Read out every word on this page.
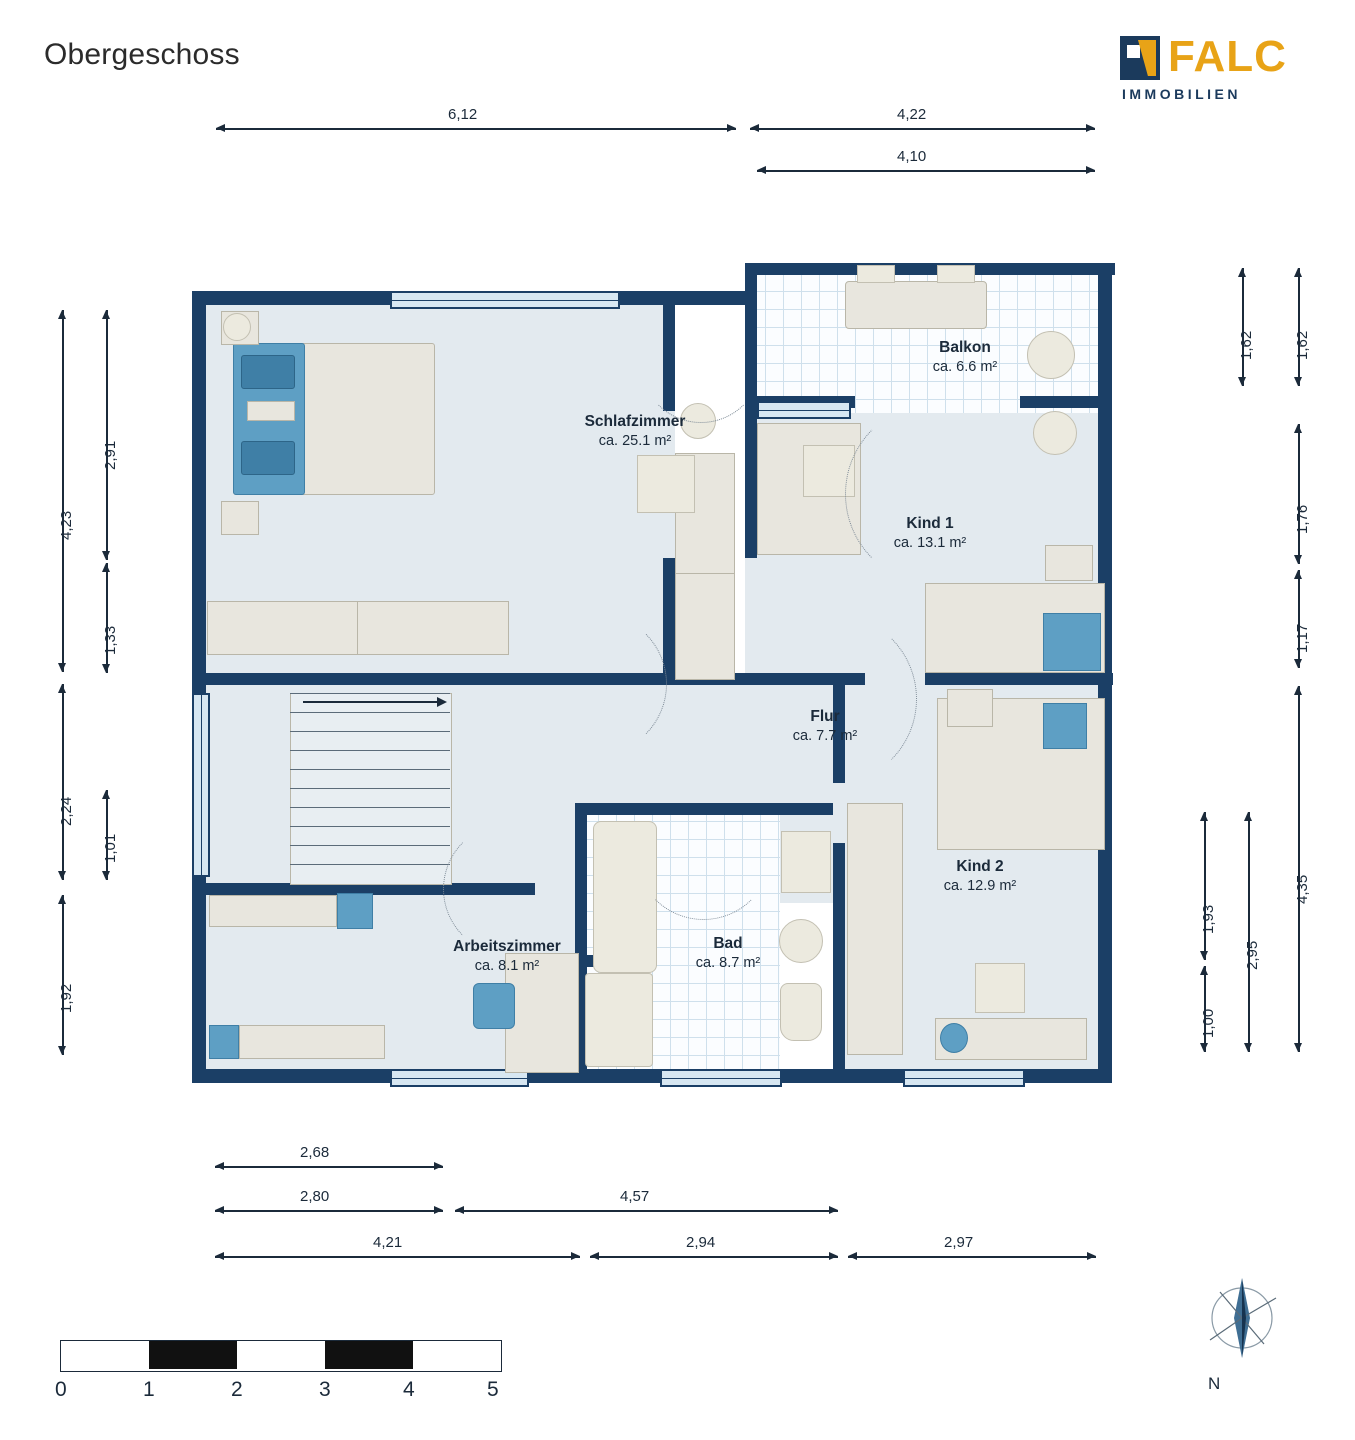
Obergeschoss	FALC
IMMOBILIEN
6,12	4,22
4,10
4,23
2,91
1,33
2,24
1,01
1,92
1,62	1,62
1,76
1,17
1,93
1,00
2,95
4,35
2,68
2,80	4,57
4,21	2,94	2,97
Schlafzimmer
ca. 25.1 m²
Balkon
ca. 6.6 m²
Kind 1
ca. 13.1 m²
Kind 2
ca. 12.9 m²
Flur
ca. 7.7 m²
Bad
ca. 8.7 m²
Arbeitszimmer
ca. 8.1 m²
0	1	2	3	4	5	N
